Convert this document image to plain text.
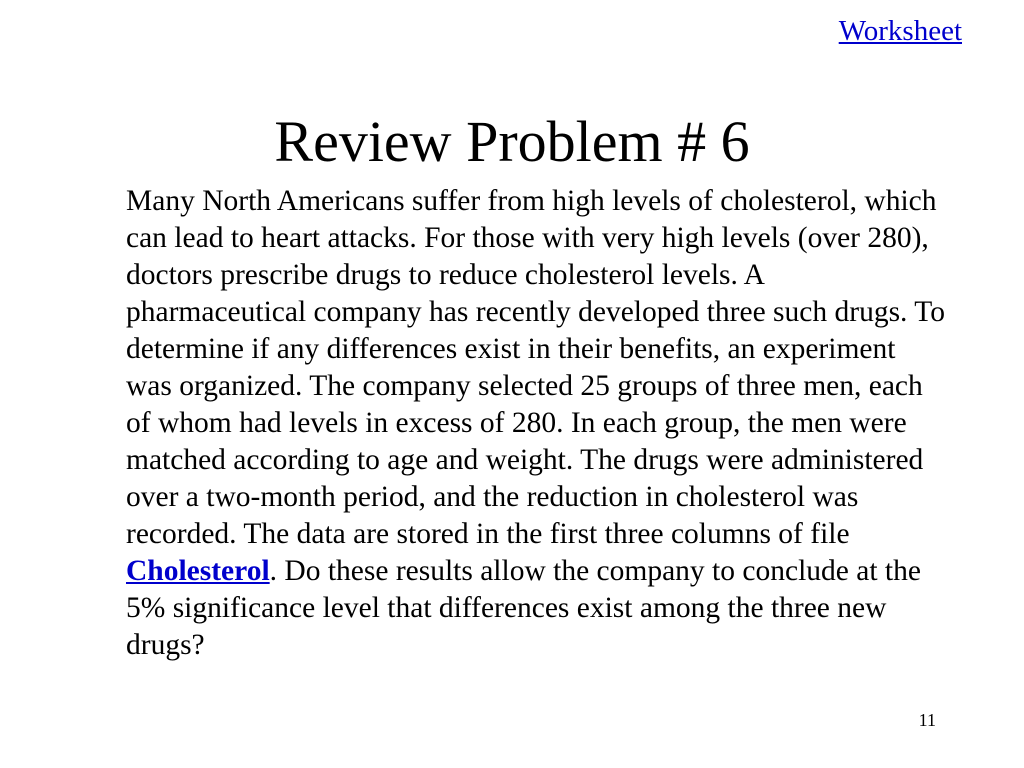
Worksheet
Review Problem # 6

Many North Americans suffer from high levels of cholesterol, which can lead to heart attacks. For those with very high levels (over 280), doctors prescribe drugs to reduce cholesterol levels. A pharmaceutical company has recently developed three such drugs. To determine if any differences exist in their benefits, an experiment was organized. The company selected 25 groups of three men, each of whom had levels in excess of 280. In each group, the men were matched according to age and weight. The drugs were administered over a two-month period, and the reduction in cholesterol was recorded. The data are stored in the first three columns of file Cholesterol. Do these results allow the company to conclude at the 5% significance level that differences exist among the three new drugs?

11
